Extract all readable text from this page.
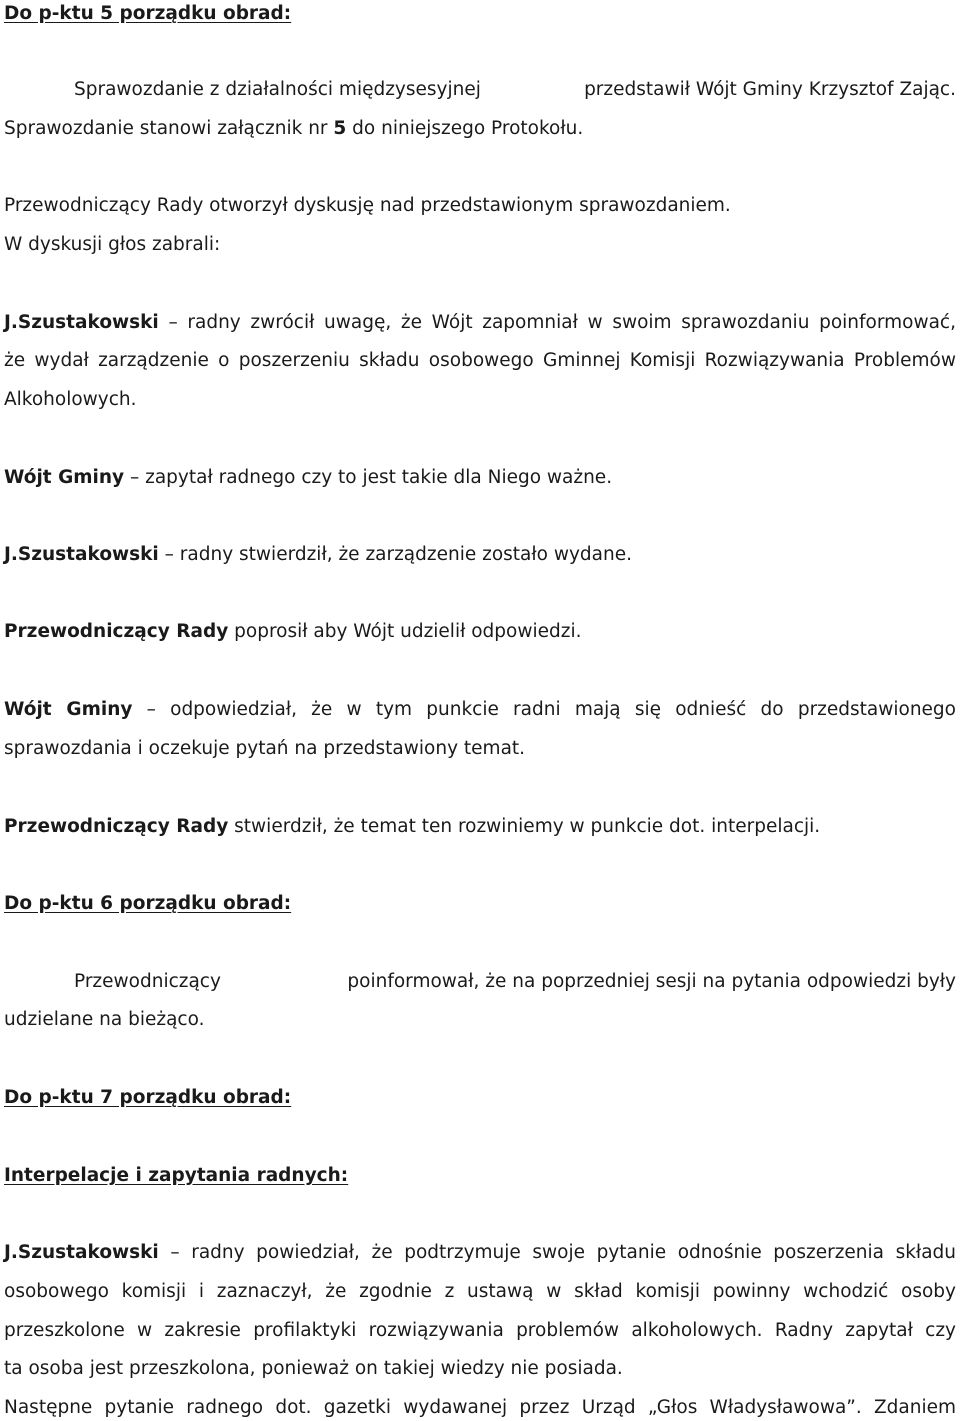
Do p-ktu 5 porządku obrad:
Sprawozdanie z działalności międzysesyjnej	przedstawił Wójt Gminy Krzysztof Zając.
Sprawozdanie stanowi załącznik nr 5 do niniejszego Protokołu.
Przewodniczący Rady otworzył dyskusję nad przedstawionym sprawozdaniem.
W dyskusji głos zabrali:
J.Szustakowski – radny zwrócił uwagę, że Wójt zapomniał w swoim sprawozdaniu poinformować,
że wydał zarządzenie o poszerzeniu składu osobowego Gminnej Komisji Rozwiązywania Problemów
Alkoholowych.
Wójt Gminy – zapytał radnego czy to jest takie dla Niego ważne.
J.Szustakowski – radny stwierdził, że zarządzenie zostało wydane.
Przewodniczący Rady poprosił aby Wójt udzielił odpowiedzi.
Wójt Gminy – odpowiedział, że w tym punkcie radni mają się odnieść do przedstawionego
sprawozdania i oczekuje pytań na przedstawiony temat.
Przewodniczący Rady stwierdził, że temat ten rozwiniemy w punkcie dot. interpelacji.
Do p-ktu 6 porządku obrad:
Przewodniczący	poinformował, że na poprzedniej sesji na pytania odpowiedzi były
udzielane na bieżąco.
Do p-ktu 7 porządku obrad:
Interpelacje i zapytania radnych:
J.Szustakowski – radny powiedział, że podtrzymuje swoje pytanie odnośnie poszerzenia składu
osobowego komisji i zaznaczył, że zgodnie z ustawą w skład komisji powinny wchodzić osoby
przeszkolone w zakresie profilaktyki rozwiązywania problemów alkoholowych. Radny zapytał czy
ta osoba jest przeszkolona, ponieważ on takiej wiedzy nie posiada.
Następne pytanie radnego dot. gazetki wydawanej przez Urząd „Głos Władysławowa”. Zdaniem
